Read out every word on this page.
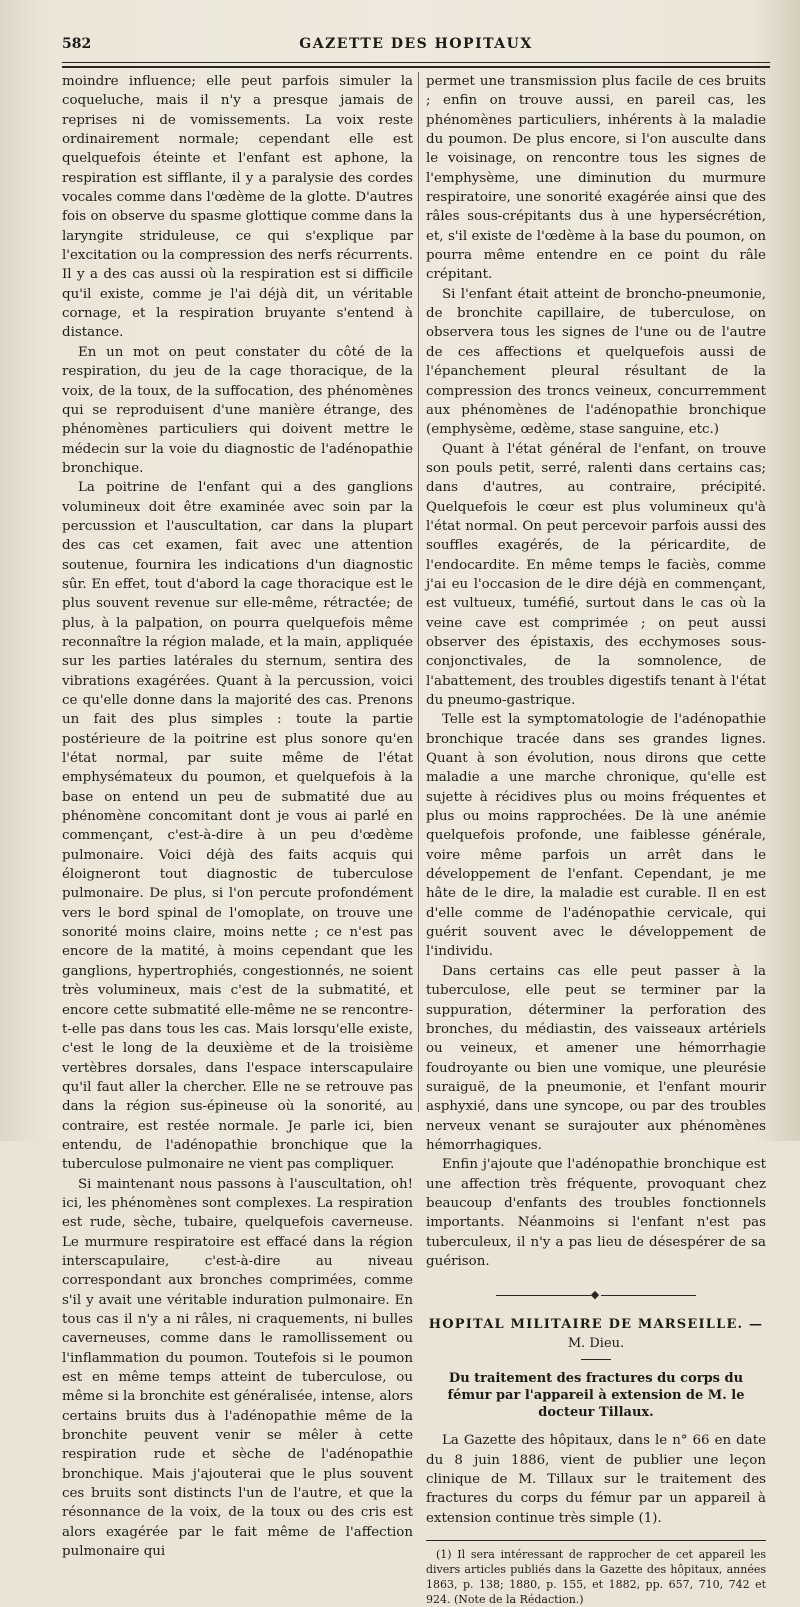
582	GAZETTE DES HOPITAUX

moindre influence; elle peut parfois simuler la coqueluche, mais il n'y a presque jamais de reprises ni de vomissements. La voix reste ordinairement normale; cependant elle est quelquefois éteinte et l'enfant est aphone, la respiration est sifflante, il y a paralysie des cordes vocales comme dans l'œdème de la glotte. D'autres fois on observe du spasme glottique comme dans la laryngite striduleuse, ce qui s'explique par l'excitation ou la compression des nerfs récurrents. Il y a des cas aussi où la respiration est si difficile qu'il existe, comme je l'ai déjà dit, un véritable cornage, et la respiration bruyante s'entend à distance.

En un mot on peut constater du côté de la respiration, du jeu de la cage thoracique, de la voix, de la toux, de la suffocation, des phénomènes qui se reproduisent d'une manière étrange, des phénomènes particuliers qui doivent mettre le médecin sur la voie du diagnostic de l'adénopathie bronchique.

La poitrine de l'enfant qui a des ganglions volumineux doit être examinée avec soin par la percussion et l'auscultation, car dans la plupart des cas cet examen, fait avec une attention soutenue, fournira les indications d'un diagnostic sûr. En effet, tout d'abord la cage thoracique est le plus souvent revenue sur elle-même, rétractée; de plus, à la palpation, on pourra quelquefois même reconnaître la région malade, et la main, appliquée sur les parties latérales du sternum, sentira des vibrations exagérées. Quant à la percussion, voici ce qu'elle donne dans la majorité des cas. Prenons un fait des plus simples : toute la partie postérieure de la poitrine est plus sonore qu'en l'état normal, par suite même de l'état emphysémateux du poumon, et quelquefois à la base on entend un peu de submatité due au phénomène concomitant dont je vous ai parlé en commençant, c'est-à-dire à un peu d'œdème pulmonaire. Voici déjà des faits acquis qui éloigneront tout diagnostic de tuberculose pulmonaire. De plus, si l'on percute profondément vers le bord spinal de l'omoplate, on trouve une sonorité moins claire, moins nette ; ce n'est pas encore de la matité, à moins cependant que les ganglions, hypertrophiés, congestionnés, ne soient très volumineux, mais c'est de la submatité, et encore cette submatité elle-même ne se rencontre-t-elle pas dans tous les cas. Mais lorsqu'elle existe, c'est le long de la deuxième et de la troisième vertèbres dorsales, dans l'espace interscapulaire qu'il faut aller la chercher. Elle ne se retrouve pas dans la région sus-épineuse où la sonorité, au contraire, est restée normale. Je parle ici, bien entendu, de l'adénopathie bronchique que la tuberculose pulmonaire ne vient pas compliquer.

Si maintenant nous passons à l'auscultation, oh! ici, les phénomènes sont complexes. La respiration est rude, sèche, tubaire, quelquefois caverneuse. Le murmure respiratoire est effacé dans la région interscapulaire, c'est-à-dire au niveau correspondant aux bronches comprimées, comme s'il y avait une véritable induration pulmonaire. En tous cas il n'y a ni râles, ni craquements, ni bulles caverneuses, comme dans le ramollissement ou l'inflammation du poumon. Toutefois si le poumon est en même temps atteint de tuberculose, ou même si la bronchite est généralisée, intense, alors certains bruits dus à l'adénopathie même de la bronchite peuvent venir se mêler à cette respiration rude et sèche de l'adénopathie bronchique. Mais j'ajouterai que le plus souvent ces bruits sont distincts l'un de l'autre, et que la résonnance de la voix, de la toux ou des cris est alors exagérée par le fait même de l'affection pulmonaire qui

permet une transmission plus facile de ces bruits ; enfin on trouve aussi, en pareil cas, les phénomènes particuliers, inhérents à la maladie du poumon. De plus encore, si l'on ausculte dans le voisinage, on rencontre tous les signes de l'emphysème, une diminution du murmure respiratoire, une sonorité exagérée ainsi que des râles sous-crépitants dus à une hypersécrétion, et, s'il existe de l'œdème à la base du poumon, on pourra même entendre en ce point du râle crépitant.

Si l'enfant était atteint de broncho-pneumonie, de bronchite capillaire, de tuberculose, on observera tous les signes de l'une ou de l'autre de ces affections et quelquefois aussi de l'épanchement pleural résultant de la compression des troncs veineux, concurremment aux phénomènes de l'adénopathie bronchique (emphysème, œdème, stase sanguine, etc.)

Quant à l'état général de l'enfant, on trouve son pouls petit, serré, ralenti dans certains cas; dans d'autres, au contraire, précipité. Quelquefois le cœur est plus volumineux qu'à l'état normal. On peut percevoir parfois aussi des souffles exagérés, de la péricardite, de l'endocardite. En même temps le faciès, comme j'ai eu l'occasion de le dire déjà en commençant, est vultueux, tuméfié, surtout dans le cas où la veine cave est comprimée ; on peut aussi observer des épistaxis, des ecchymoses sous-conjonctivales, de la somnolence, de l'abattement, des troubles digestifs tenant à l'état du pneumo-gastrique.

Telle est la symptomatologie de l'adénopathie bronchique tracée dans ses grandes lignes. Quant à son évolution, nous dirons que cette maladie a une marche chronique, qu'elle est sujette à récidives plus ou moins fréquentes et plus ou moins rapprochées. De là une anémie quelquefois profonde, une faiblesse générale, voire même parfois un arrêt dans le développement de l'enfant. Cependant, je me hâte de le dire, la maladie est curable. Il en est d'elle comme de l'adénopathie cervicale, qui guérit souvent avec le développement de l'individu.

Dans certains cas elle peut passer à la tuberculose, elle peut se terminer par la suppuration, déterminer la perforation des bronches, du médiastin, des vaisseaux artériels ou veineux, et amener une hémorrhagie foudroyante ou bien une vomique, une pleurésie suraiguë, de la pneumonie, et l'enfant mourir asphyxié, dans une syncope, ou par des troubles nerveux venant se surajouter aux phénomènes hémorrhagiques.

Enfin j'ajoute que l'adénopathie bronchique est une affection très fréquente, provoquant chez beaucoup d'enfants des troubles fonctionnels importants. Néanmoins si l'enfant n'est pas tuberculeux, il n'y a pas lieu de désespérer de sa guérison.

◆
HOPITAL MILITAIRE DE MARSEILLE. — M. Dieu.
Du traitement des fractures du corps du fémur par l'appareil à extension de M. le docteur Tillaux.

La Gazette des hôpitaux, dans le n° 66 en date du 8 juin 1886, vient de publier une leçon clinique de M. Tillaux sur le traitement des fractures du corps du fémur par un appareil à extension continue très simple (1).

(1) Il sera intéressant de rapprocher de cet appareil les divers articles publiés dans la Gazette des hôpitaux, années 1863, p. 138; 1880, p. 155, et 1882, pp. 657, 710, 742 et 924. (Note de la Rédaction.)
